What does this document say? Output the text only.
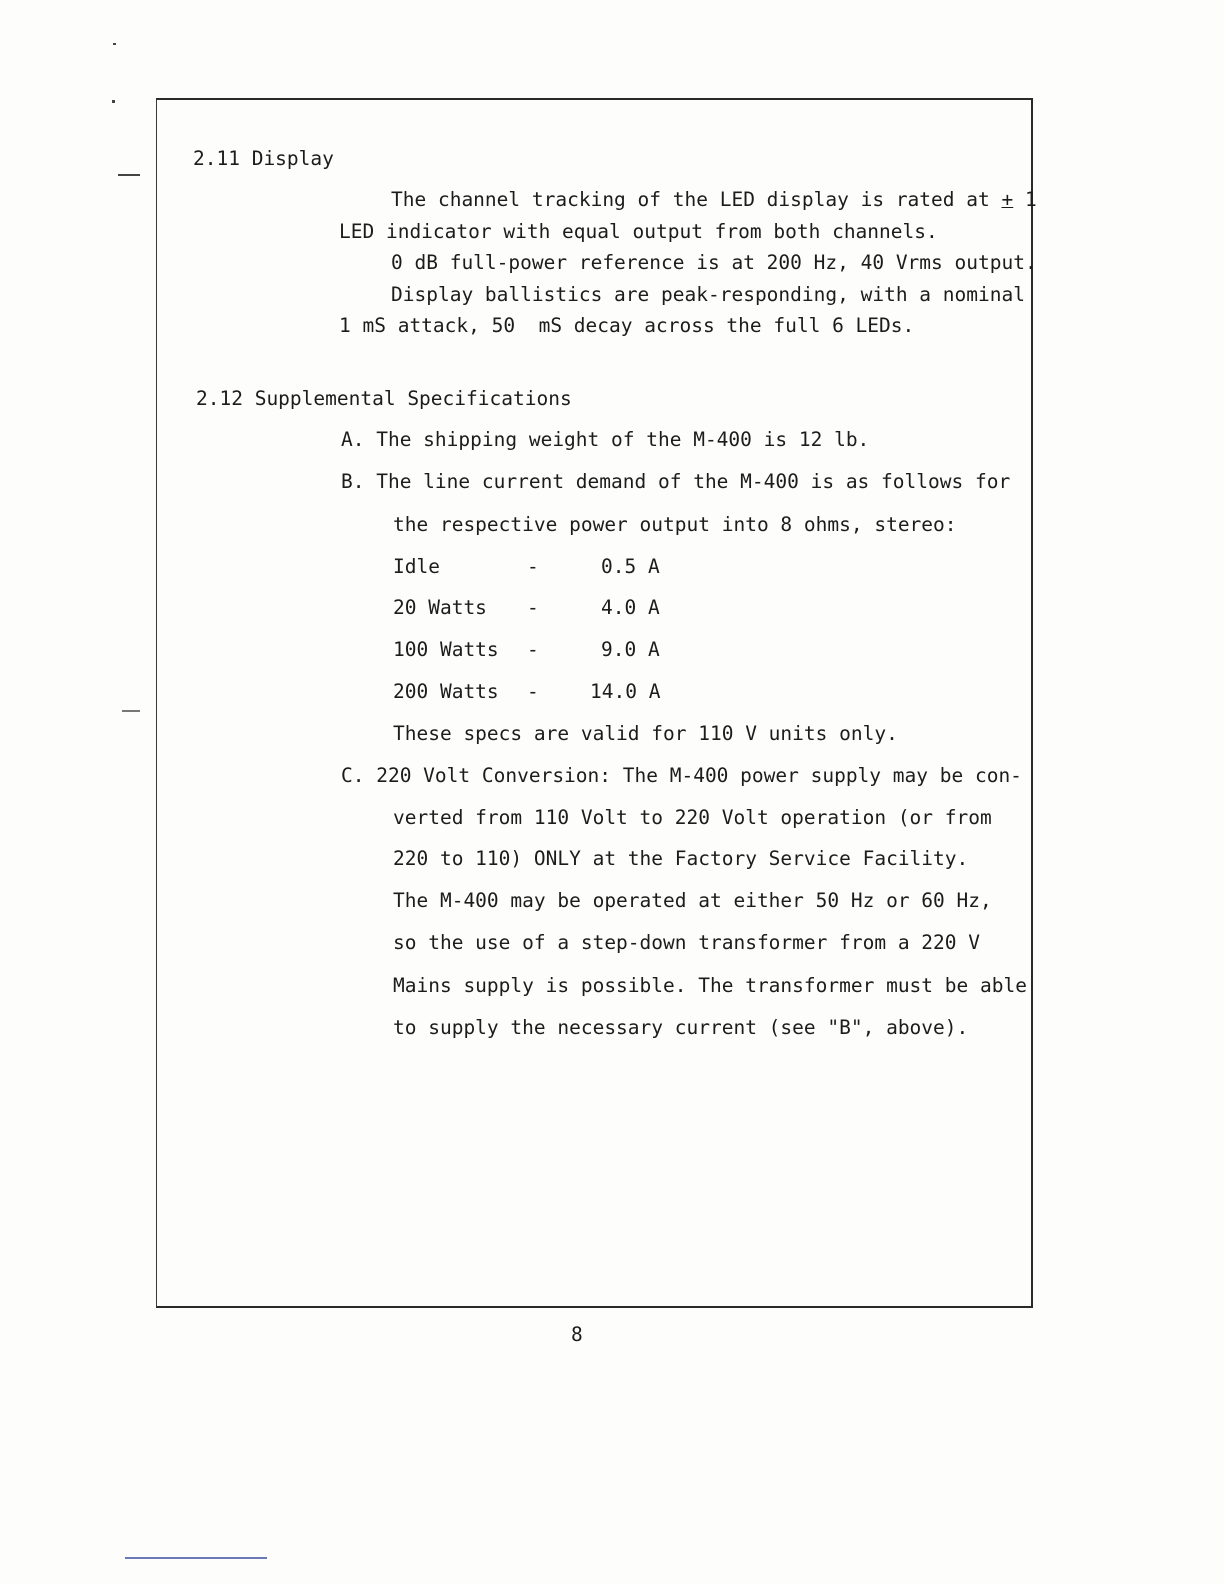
2.11 Display
The channel tracking of the LED display is rated at + 1
LED indicator with equal output from both channels.
0 dB full-power reference is at 200 Hz, 40 Vrms output.
Display ballistics are peak-responding, with a nominal
1 mS attack, 50  mS decay across the full 6 LEDs.
2.12 Supplemental Specifications
A. The shipping weight of the M-400 is 12 lb.
B. The line current demand of the M-400 is as follows for
the respective power output into 8 ohms, stereo:
Idle	-	0.5 A
20 Watts -	4.0 A
100 Watts -	9.0 A
200 Watts -	14.0 A
These specs are valid for 110 V units only.
C. 220 Volt Conversion: The M-400 power supply may be con-
verted from 110 Volt to 220 Volt operation (or from
220 to 110) ONLY at the Factory Service Facility.
The M-400 may be operated at either 50 Hz or 60 Hz,
so the use of a step-down transformer from a 220 V
Mains supply is possible. The transformer must be able
to supply the necessary current (see "B", above).
8
